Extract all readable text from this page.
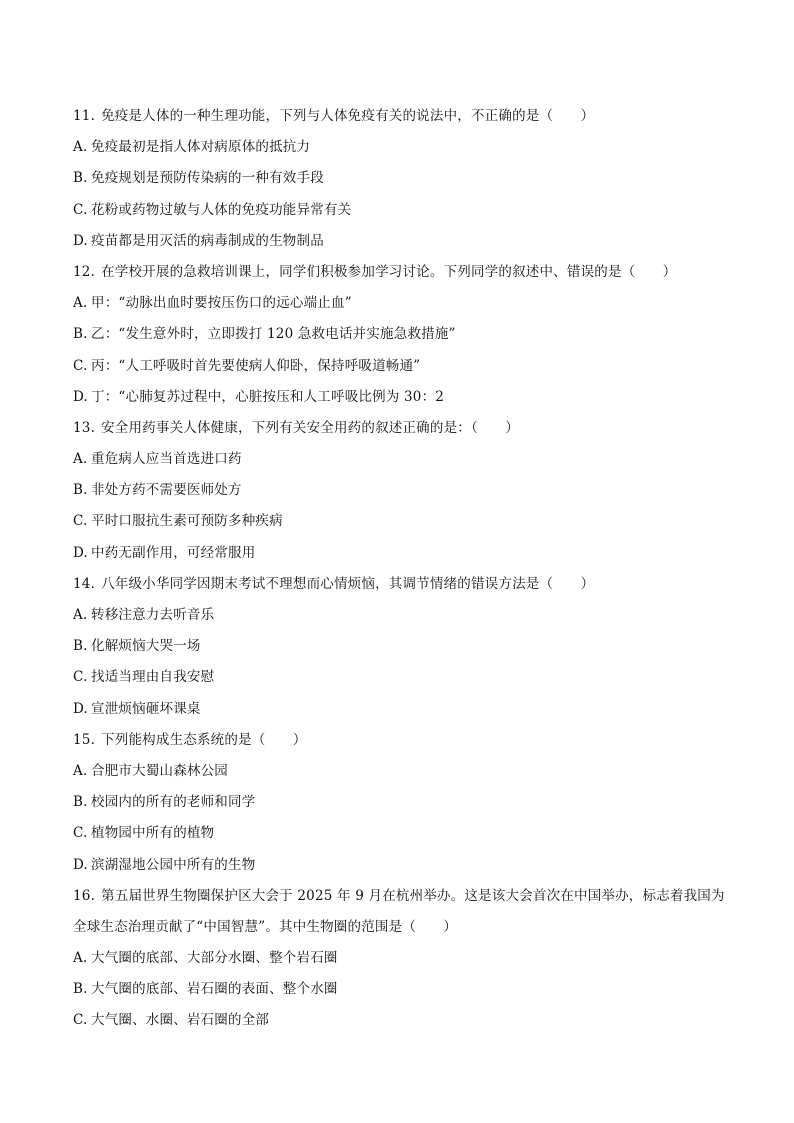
11. 免疫是人体的一种生理功能，下列与人体免疫有关的说法中，不正确的是（　　）
A. 免疫最初是指人体对病原体的抵抗力
B. 免疫规划是预防传染病的一种有效手段
C. 花粉或药物过敏与人体的免疫功能异常有关
D. 疫苗都是用灭活的病毒制成的生物制品
12. 在学校开展的急救培训课上，同学们积极参加学习讨论。下列同学的叙述中、错误的是（　　）
A. 甲：“动脉出血时要按压伤口的远心端止血”
B. 乙：“发生意外时，立即拨打 120 急救电话并实施急救措施”
C. 丙：“人工呼吸时首先要使病人仰卧，保持呼吸道畅通”
D. 丁：“心肺复苏过程中，心脏按压和人工呼吸比例为 30：2
13. 安全用药事关人体健康，下列有关安全用药的叙述正确的是：（　　）
A. 重危病人应当首选进口药
B. 非处方药不需要医师处方
C. 平时口服抗生素可预防多种疾病
D. 中药无副作用，可经常服用
14. 八年级小华同学因期末考试不理想而心情烦恼，其调节情绪的错误方法是（　　）
A. 转移注意力去听音乐
B. 化解烦恼大哭一场
C. 找适当理由自我安慰
D. 宣泄烦恼砸坏课桌
15. 下列能构成生态系统的是（　　）
A. 合肥市大蜀山森林公园
B. 校园内的所有的老师和同学
C. 植物园中所有的植物
D. 滨湖湿地公园中所有的生物
16. 第五届世界生物圈保护区大会于 2025 年 9 月在杭州举办。这是该大会首次在中国举办，标志着我国为全球生态治理贡献了“中国智慧”。其中生物圈的范围是（　　）
A. 大气圈的底部、大部分水圈、整个岩石圈
B. 大气圈的底部、岩石圈的表面、整个水圈
C. 大气圈、水圈、岩石圈的全部
